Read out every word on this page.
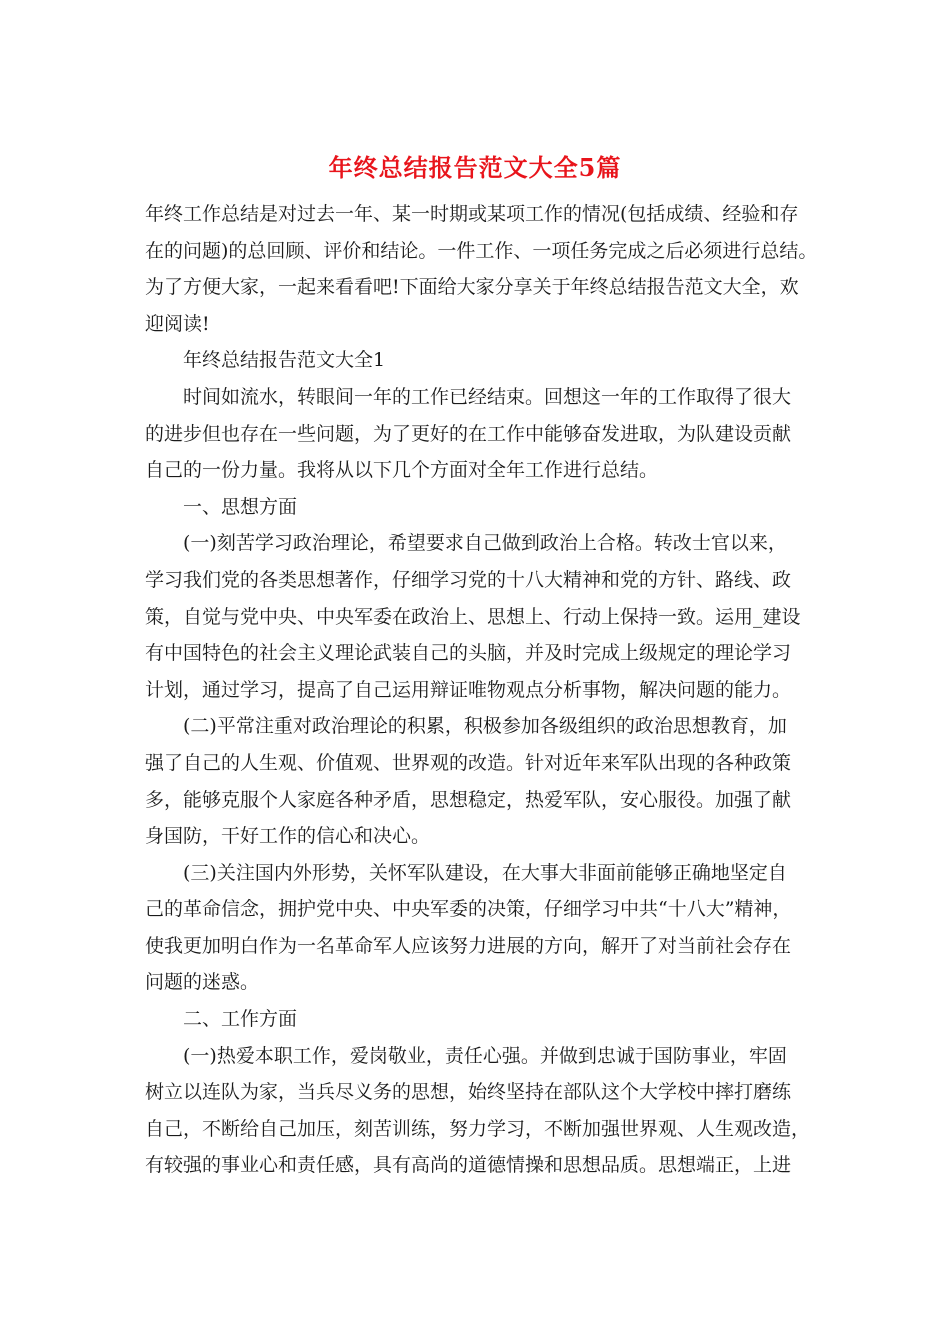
年终总结报告范文大全5篇
年终工作总结是对过去一年、某一时期或某项工作的情况(包括成绩、经验和存
在的问题)的总回顾、评价和结论。一件工作、一项任务完成之后必须进行总结。
为了方便大家，一起来看看吧!下面给大家分享关于年终总结报告范文大全，欢
迎阅读!
年终总结报告范文大全1
时间如流水，转眼间一年的工作已经结束。回想这一年的工作取得了很大
的进步但也存在一些问题，为了更好的在工作中能够奋发进取，为队建设贡献
自己的一份力量。我将从以下几个方面对全年工作进行总结。
一、思想方面
(一)刻苦学习政治理论，希望要求自己做到政治上合格。转改士官以来，
学习我们党的各类思想著作，仔细学习党的十八大精神和党的方针、路线、政
策，自觉与党中央、中央军委在政治上、思想上、行动上保持一致。运用_建设
有中国特色的社会主义理论武装自己的头脑，并及时完成上级规定的理论学习
计划，通过学习，提高了自己运用辩证唯物观点分析事物，解决问题的能力。
(二)平常注重对政治理论的积累，积极参加各级组织的政治思想教育，加
强了自己的人生观、价值观、世界观的改造。针对近年来军队出现的各种政策
多，能够克服个人家庭各种矛盾，思想稳定，热爱军队，安心服役。加强了献
身国防，干好工作的信心和决心。
(三)关注国内外形势，关怀军队建设，在大事大非面前能够正确地坚定自
己的革命信念，拥护党中央、中央军委的决策，仔细学习中共“十八大”精神，
使我更加明白作为一名革命军人应该努力进展的方向，解开了对当前社会存在
问题的迷惑。
二、工作方面
(一)热爱本职工作，爱岗敬业，责任心强。并做到忠诚于国防事业，牢固
树立以连队为家，当兵尽义务的思想，始终坚持在部队这个大学校中摔打磨练
自己，不断给自己加压，刻苦训练，努力学习，不断加强世界观、人生观改造，
有较强的事业心和责任感，具有高尚的道德情操和思想品质。思想端正，上进
